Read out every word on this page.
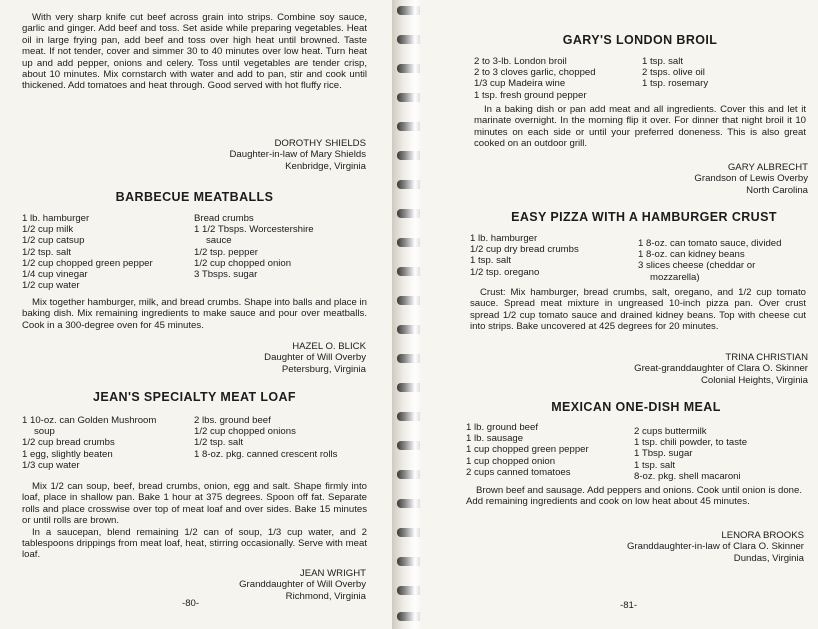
With very sharp knife cut beef across grain into strips. Combine soy sauce, garlic and ginger. Add beef and toss. Set aside while preparing vegetables. Heat oil in large frying pan, add beef and toss over high heat until browned. Taste meat. If not tender, cover and simmer 30 to 40 minutes over low heat. Turn heat up and add pepper, onions and celery. Toss until vegetables are tender crisp, about 10 minutes. Mix cornstarch with water and add to pan, stir and cook until thickened. Add tomatoes and heat through. Good served with hot fluffy rice.

DOROTHY SHIELDS
Daughter-in-law of Mary Shields
Kenbridge, Virginia
BARBECUE MEATBALLS
1 lb. hamburger
1/2 cup milk
1/2 cup catsup
1/2 tsp. salt
1/2 cup chopped green pepper
1/4 cup vinegar
1/2 cup water
Bread crumbs
1 1/2 Tbsps. Worcestershire
sauce
1/2 tsp. pepper
1/2 cup chopped onion
3 Tbsps. sugar

Mix together hamburger, milk, and bread crumbs. Shape into balls and place in baking dish. Mix remaining ingredients to make sauce and pour over meatballs. Cook in a 300-degree oven for 45 minutes.

HAZEL O. BLICK
Daughter of Will Overby
Petersburg, Virginia
JEAN'S SPECIALTY MEAT LOAF
1 10-oz. can Golden Mushroom
soup
1/2 cup bread crumbs
1 egg, slightly beaten
1/3 cup water
2 lbs. ground beef
1/2 cup chopped onions
1/2 tsp. salt
1 8-oz. pkg. canned crescent rolls

Mix 1/2 can soup, beef, bread crumbs, onion, egg and salt. Shape firmly into loaf, place in shallow pan. Bake 1 hour at 375 degrees. Spoon off fat. Separate rolls and place crosswise over top of meat loaf and over sides. Bake 15 minutes or until rolls are brown.

In a saucepan, blend remaining 1/2 can of soup, 1/3 cup water, and 2 tablespoons drippings from meat loaf, heat, stirring occasionally. Serve with meat loaf.

JEAN WRIGHT
Granddaughter of Will Overby
Richmond, Virginia
-80-
GARY'S LONDON BROIL
2 to 3-lb. London broil
2 to 3 cloves garlic, chopped
1/3 cup Madeira wine
1 tsp. fresh ground pepper
1 tsp. salt
2 tsps. olive oil
1 tsp. rosemary

In a baking dish or pan add meat and all ingredients. Cover this and let it marinate overnight. In the morning flip it over. For dinner that night broil it 10 minutes on each side or until your preferred doneness. This is also great cooked on an outdoor grill.

GARY ALBRECHT
Grandson of Lewis Overby
North Carolina
EASY PIZZA WITH A HAMBURGER CRUST
1 lb. hamburger
1/2 cup dry bread crumbs
1 tsp. salt
1/2 tsp. oregano
1 8-oz. can tomato sauce, divided
1 8-oz. can kidney beans
3 slices cheese (cheddar or
mozzarella)

Crust: Mix hamburger, bread crumbs, salt, oregano, and 1/2 cup tomato sauce. Spread meat mixture in ungreased 10-inch pizza pan. Over crust spread 1/2 cup tomato sauce and drained kidney beans. Top with cheese cut into strips. Bake uncovered at 425 degrees for 20 minutes.

TRINA CHRISTIAN
Great-granddaughter of Clara O. Skinner
Colonial Heights, Virginia
MEXICAN ONE-DISH MEAL
1 lb. ground beef
1 lb. sausage
1 cup chopped green pepper
1 cup chopped onion
2 cups canned tomatoes
2 cups buttermilk
1 tsp. chili powder, to taste
1 Tbsp. sugar
1 tsp. salt
8-oz. pkg. shell macaroni

Brown beef and sausage. Add peppers and onions. Cook until onion is done. Add remaining ingredients and cook on low heat about 45 minutes.

LENORA BROOKS
Granddaughter-in-law of Clara O. Skinner
Dundas, Virginia
-81-
